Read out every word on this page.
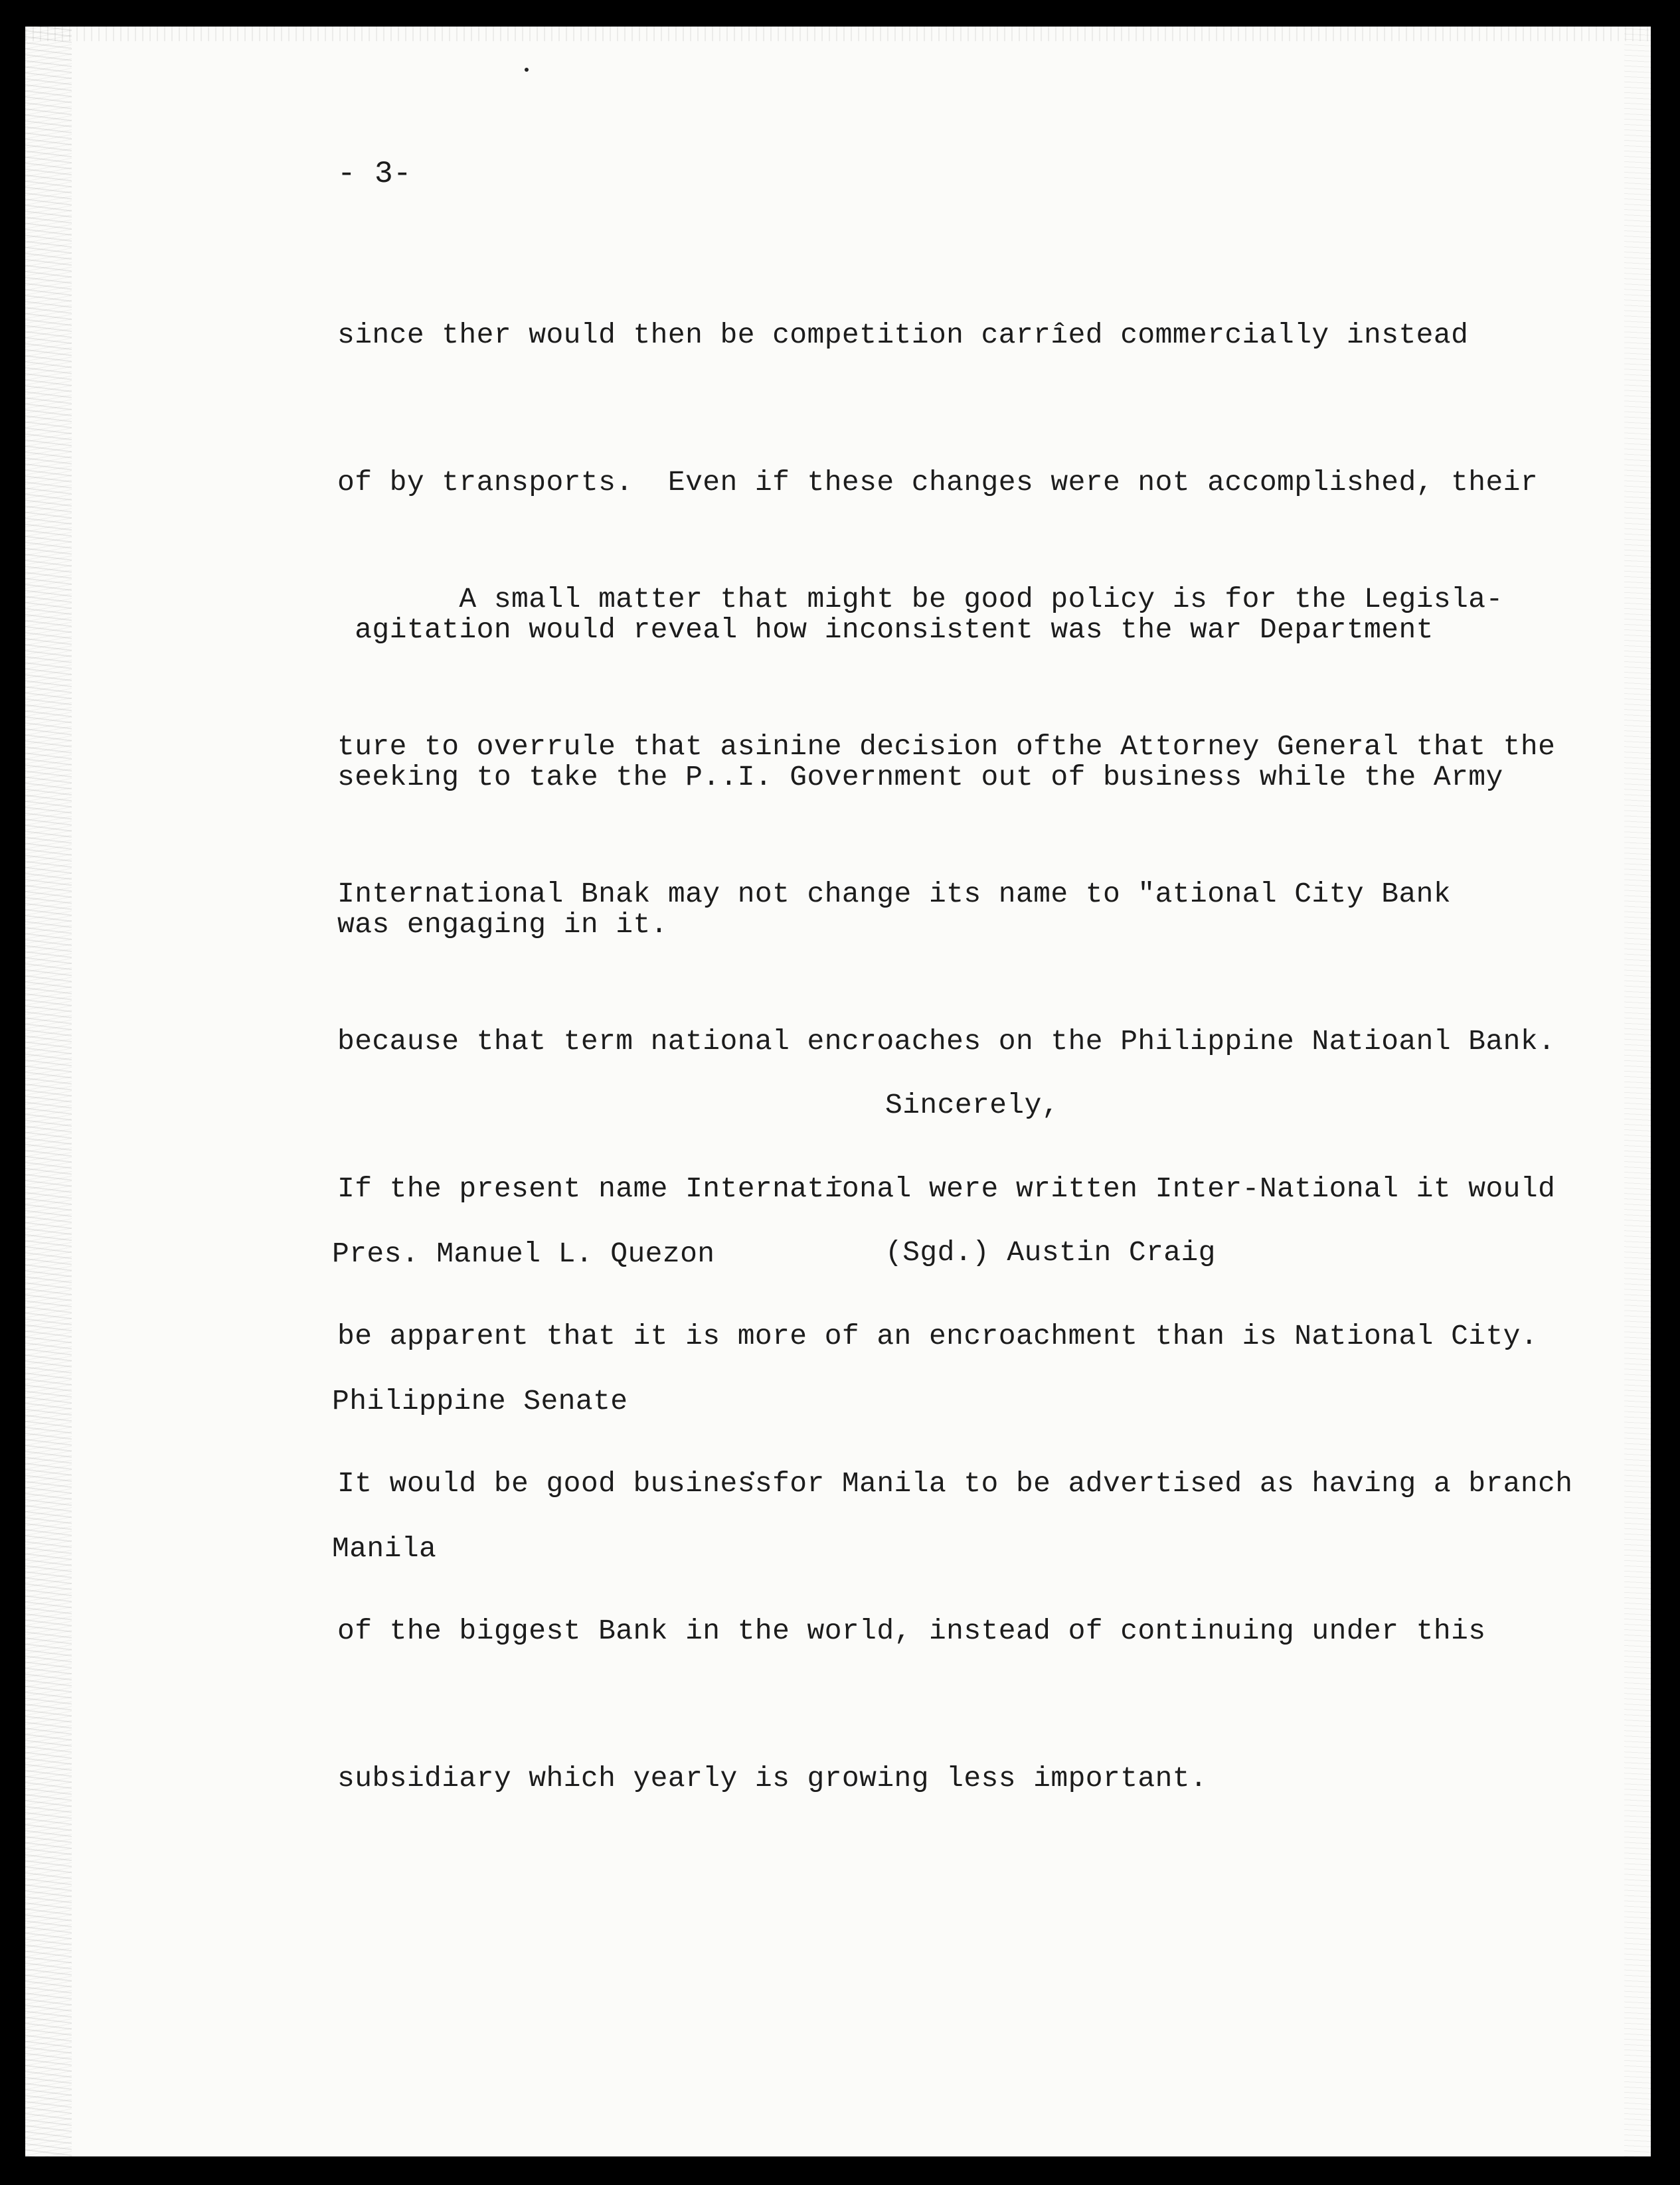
- 3-

since ther would then be competition carrîed commercially instead

of by transports.  Even if these changes were not accomplished, their

agitation would reveal how inconsistent was the war Department

seeking to take the P..I. Government out of business while the Army

was engaging in it.

A small matter that might be good policy is for the Legisla-

ture to overrule that asinine decision ofthe Attorney General that the

International Bnak may not change its name to "ational City Bank

because that term national encroaches on the Philippine Natioanl Bank.

If the present name International were written Inter-National it would

be apparent that it is more of an encroachment than is National City.

It would be good businessfor Manila to be advertised as having a branch

of the biggest Bank in the world, instead of continuing under this

subsidiary which yearly is growing less important.

Sincerely,

(Sgd.) Austin Craig

Pres. Manuel L. Quezon

Philippine Senate

Manila
